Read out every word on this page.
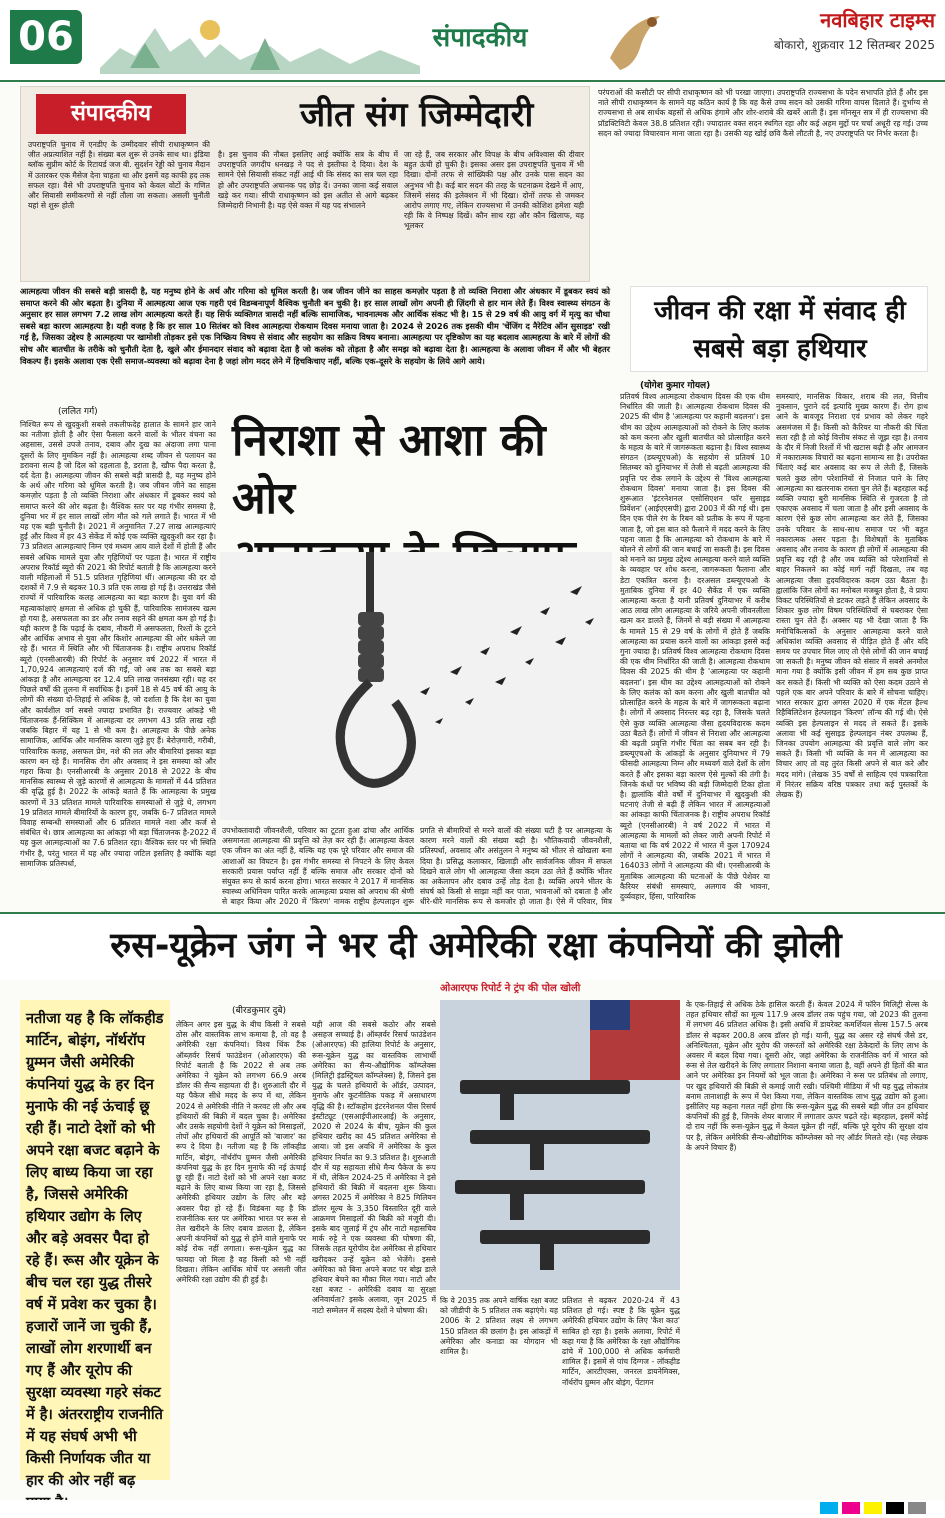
06	संपादकीय
नवबिहार टाइम्स
बोकारो, शुक्रवार 12 सितम्बर 2025
संपादकीय	जीत संग जिम्मेदारी
उपराष्ट्रपति चुनाव में एनडीए के उम्मीदवार सीपी राधाकृष्णन की जीत अप्रत्याशित नहीं है। संख्या बल शुरू से उनके साथ था। इंडिया ब्लॉक सुप्रीम कोर्ट के रिटायर्ड जज बी. सुदर्शन रेड्डी को चुनाव मैदान में उतारकर एक मैसेज देना चाहता था और इसमें वह काफी हद तक सफल रहा। वैसे भी उपराष्ट्रपति चुनाव को केवल वोटों के गणित और सियासी समीकरणों से नहीं तौला जा सकता। असली चुनौती यहां से शुरू होती
है। इस चुनाव की नौबत इसलिए आई क्योंकि सत्र के बीच में उपराष्ट्रपति जगदीप धनखड़ ने पद से इस्तीफा दे दिया। देश के सामने ऐसे सियासी संकट नहीं आई थी कि संसद का सत्र चल रहा हो और उपराष्ट्रपति अचानक पद छोड़ दें। उनका जाना कई सवाल खड़े कर गया। सीपी राधाकृष्णन को इस अतीत से आगे बढ़कर जिम्मेदारी निभानी है। यह ऐसे वक्त में यह पद संभालने
जा रहे हैं, जब सरकार और विपक्ष के बीच अविश्वास की दीवार बहुत ऊंची हो चुकी है। इसका असर इस उपराष्ट्रपति चुनाव में भी दिखा। दोनों तरफ से सांख्यिकी पक्ष और उनके पास सदन का अनुभव भी है। कई बार सदन की तरह के घटनाक्रम देखने में आए, जिसमें संसद की इलेक्शन में भी दिखा। दोनों तरफ से जमकर आरोप लगाए गए, लेकिन राज्यसभा में उनकी कोशिश हमेशा यही रही कि वे निष्पक्ष दिखें। कौन साथ रहा और कौन खिलाफ, यह भूलकर
परंपराओं की कसौटी पर सीपी राधाकृष्णन को भी परखा जाएगा। उपराष्ट्रपति राज्यसभा के पदेन सभापति होते हैं और इस नाते सीपी राधाकृष्णन के सामने यह कठिन कार्य है कि वह कैसे उच्च सदन को उसकी गरिमा वापस दिलाते हैं। दुर्भाग्य से राज्यसभा से अब सार्थक बहसों से अधिक हंगामे और शोर-शराबे की खबरें आती हैं। इस मॉनसून सत्र में ही राज्यसभा की प्रॉडक्टिविटी केवल 38.8 प्रतिशत रही। ज्यादातर वक्त सदन स्थगित रहा और कई अहम मुद्दों पर चर्चा अधूरी रह गई। उच्च सदन को ज्यादा विचारवान माना जाता रहा है। उसकी यह खोई छवि कैसे लौटती है, नए उपराष्ट्रपति पर निर्भर करता है।
आत्महत्या जीवन की सबसे बड़ी त्रासदी है, यह मनुष्य होने के अर्थ और गरिमा को धूमिल करती है। जब जीवन जीने का साहस कमज़ोर पड़ता है तो व्यक्ति निराशा और अंधकार में डूबकर स्वयं को समाप्त करने की ओर बढ़ता है। दुनिया में आत्महत्या आज एक गहरी एवं विडम्बनापूर्ण वैश्विक चुनौती बन चुकी है। हर साल लाखों लोग अपनी ही ज़िंदगी से हार मान लेते हैं। विश्व स्वास्थ्य संगठन के अनुसार हर साल लगभग 7.2 लाख लोग आत्महत्या करते हैं। यह सिर्फ व्यक्तिगत त्रासदी नहीं बल्कि सामाजिक, भावनात्मक और आर्थिक संकट भी है। 15 से 29 वर्ष की आयु वर्ग में मृत्यु का चौथा सबसे बड़ा कारण आत्महत्या है। यही वजह है कि हर साल 10 सितंबर को विश्व आत्महत्या रोकथाम दिवस मनाया जाता है। 2024 से 2026 तक इसकी थीम 'चेंजिंग द नैरेटिव ऑन सुसाइड' रखी गई है, जिसका उद्देश्य है आत्महत्या पर खामोशी तोड़कर इसे एक निष्क्रिय विषय से संवाद और सहयोग का सक्रिय विषय बनाना। आत्महत्या पर दृष्टिकोण का यह बदलाव आत्महत्या के बारे में लोगों की सोच और बातचीत के तरीके को चुनौती देता है, खुले और ईमानदार संवाद को बढ़ावा देता है जो कलंक को तोड़ता है और समझ को बढ़ावा देता है। आत्महत्या के अलावा जीवन में और भी बेहतर विकल्प हैं। इसके अलावा एक ऐसी समाज-व्यवस्था को बढ़ावा देना है जहां लोग मदद लेने में हिचकिचाए नहीं, बल्कि एक-दूसरे के सहयोग के लिये आगे आये।
(ललित गर्ग)
निराशा से आशा की ओर
निश्चित रूप से खुदकुशी सबसे तकलीफदेह हालात के सामने हार जाने का नतीजा होती है और ऐसा फैसला करने वालों के भीतर वंचना का अहसास, उससे उपजे तनाव, दबाव और दुख का अंदाजा लगा पाना दूसरों के लिए मुमकिन नहीं है। आत्महत्या शब्द जीवन से पलायन का डरावना सत्य है जो दिल को दहलाता है, डराता है, खौफ पैदा करता है, दर्द देता है। आत्महत्या जीवन की सबसे बड़ी त्रासदी है, यह मनुष्य होने के अर्थ और गरिमा को धूमिल करती है। जब जीवन जीने का साहस कमज़ोर पड़ता है तो व्यक्ति निराशा और अंधकार में डूबकर स्वयं को समाप्त करने की ओर बढ़ता है। वैश्विक स्तर पर यह गंभीर समस्या है, दुनिया भर में हर साल लाखों लोग मौत को गले लगाते हैं। भारत में भी यह एक बड़ी चुनौती है। 2021 में अनुमानित 7.27 लाख आत्महत्याएं हुईं और विश्व में हर 43 सेकेंड में कोई एक व्यक्ति खुदकुशी कर रहा है। 73 प्रतिशत आत्महत्याएं निम्न एवं मध्यम आय वाले देशों में होती हैं और सबसे अधिक मामले युवा और गृहिणियों पर पड़ता है। भारत में राष्ट्रीय अपराध रिकॉर्ड ब्यूरो की 2021 की रिपोर्ट बताती है कि आत्महत्या करने वाली महिलाओं में 51.5 प्रतिशत गृहिणियां थीं। आत्महत्या की दर दो दशकों में 7.9 से बढ़कर 10.3 प्रति एक लाख हो गई है। उत्तराखंड जैसे राज्यों में पारिवारिक कलह आत्महत्या का बड़ा कारण है। युवा वर्ग की महत्वाकांक्षाएं क्षमता से अधिक हो चुकी हैं, पारिवारिक सामंजस्य खत्म हो गया है, असफलता का डर और तनाव सहने की क्षमता कम हो गई है। यही कारण है कि पढ़ाई के दबाव, नौकरी में असफलता, रिश्तों के टूटने और आर्थिक अभाव से युवा और किशोर आत्महत्या की ओर धकेले जा रहे हैं। भारत में स्थिति और भी चिंताजनक है। राष्ट्रीय अपराध रिकॉर्ड ब्यूरो (एनसीआरबी) की रिपोर्ट के अनुसार वर्ष 2022 में भारत में 1,70,924 आत्महत्याएं दर्ज की गईं, जो अब तक का सबसे बड़ा आंकड़ा है और आत्महत्या दर 12.4 प्रति लाख जनसंख्या रही। यह दर पिछले वर्षों की तुलना में सर्वाधिक है। इनमें 18 से 45 वर्ष की आयु के लोगों की संख्या दो-तिहाई से अधिक है, जो दर्शाता है कि देश का युवा और कार्यशील वर्ग सबसे ज्यादा प्रभावित है। राज्यवार आंकड़े भी चिंताजनक हैं-सिक्किम में आत्महत्या दर लगभग 43 प्रति लाख रही जबकि बिहार में यह 1 से भी कम है। आत्महत्या के पीछे अनेक सामाजिक, आर्थिक और मानसिक कारण जुड़े हुए हैं। बेरोज़गारी, गरीबी, पारिवारिक कलह, असफल प्रेम, नशे की लत और बीमारियां इसका बड़ा कारण बन रहे हैं। मानसिक रोग और अवसाद ने इस समस्या को और गहरा किया है। एनसीआरबी के अनुसार 2018 से 2022 के बीच मानसिक स्वास्थ्य से जुड़े कारणों से आत्महत्या के मामलों में 44 प्रतिशत की वृद्धि हुई है। 2022 के आंकड़े बताते हैं कि आत्महत्या के प्रमुख कारणों में 33 प्रतिशत मामले पारिवारिक समस्याओं से जुड़े थे, लगभग 19 प्रतिशत मामले बीमारियों के कारण हुए, जबकि 6-7 प्रतिशत मामले विवाह सम्बन्धी समस्याओं और 6 प्रतिशत मामले नशा और कर्ज से संबंधित थे। छात्र आत्महत्या का आंकड़ा भी बड़ा चिंताजनक है-2022 में यह कुल आत्महत्याओं का 7.6 प्रतिशत रहा। वैश्विक स्तर पर भी स्थिति गंभीर है, परंतु भारत में यह और ज्यादा जटिल इसलिए है क्योंकि यहां सामाजिक प्रतिस्पर्धा,
उपभोक्तावादी जीवनशैली, परिवार का टूटता हुआ ढांचा और आर्थिक असमानता आत्महत्या की प्रवृत्ति को तेज़ कर रही हैं। आत्महत्या केवल एक जीवन का अंत नहीं है, बल्कि यह एक पूरे परिवार और समाज की आशाओं का विघटन है। इस गंभीर समस्या से निपटने के लिए केवल सरकारी प्रयास पर्याप्त नहीं हैं बल्कि समाज और सरकार दोनों को संयुक्त रूप से कार्य करना होगा। भारत सरकार ने 2017 में मानसिक स्वास्थ्य अधिनियम पारित करके आत्महत्या प्रयास को अपराध की श्रेणी से बाहर किया और 2020 में 'किरण' नामक राष्ट्रीय हेल्पलाइन शुरू
प्रगति से बीमारियों से मरने वालों की संख्या घटी है पर आत्महत्या के कारण मरने वालों की संख्या बढ़ी है। भौतिकवादी जीवनशैली, प्रतिस्पर्धा, अवसाद और असंतुलन ने मनुष्य को भीतर से खोखला बना दिया है। प्रसिद्ध कलाकार, खिलाड़ी और सार्वजनिक जीवन में सफल दिखने वाले लोग भी आत्महत्या जैसा कदम उठा लेते हैं क्योंकि भीतर का अकेलापन और दबाव उन्हें तोड़ देता है। व्यक्ति अपने भीतर के संघर्ष को किसी से साझा नहीं कर पाता, भावनाओं को दबाता है और धीरे-धीरे मानसिक रूप से कमजोर हो जाता है। ऐसे में परिवार, मित्र
जीवन की रक्षा में संवाद ही सबसे बड़ा हथियार
(योगेश कुमार गोयल)
प्रतिवर्ष विश्व आत्महत्या रोकथाम दिवस की एक थीम निर्धारित की जाती है। आत्महत्या रोकथाम दिवस की 2025 की थीम है 'आत्महत्या पर कहानी बदलना'। इस थीम का उद्देश्य आत्महत्याओं को रोकने के लिए कलंक को कम करना और खुली बातचीत को प्रोत्साहित करने के महत्व के बारे में जागरूकता बढ़ाना है। विश्व स्वास्थ्य संगठन (डब्ल्यूएचओ) के सहयोग से प्रतिवर्ष 10 सितम्बर को दुनियाभर में तेजी से बढ़ती आत्महत्या की प्रवृत्ति पर रोक लगाने के उद्देश्य से 'विश्व आत्महत्या रोकथाम दिवस' मनाया जाता है। इस दिवस की शुरूआत 'इंटरनेशनल एसोसिएशन फॉर सुसाइड प्रिवेंशन' (आईएएसपी) द्वारा 2003 में की गई थी। इस दिन एक पीले रंग के रिबन को प्रतीक के रूप में पहना जाता है, जो इस बात को फैलाने में मदद करने के लिए पहना जाता है कि आत्महत्या को रोकथाम के बारे में बोलने से लोगों की जान बचाई जा सकती है। इस दिवस को मनाने का प्रमुख उद्देश्य आत्महत्या करने वाले व्यक्ति के व्यवहार पर शोध करना, जागरूकता फैलाना और डेटा एकत्रित करना है। दरअसल डब्ल्यूएचओ के मुताबिक दुनिया में हर 40 सैकेंड में एक व्यक्ति आत्महत्या करता है यानी प्रतिवर्ष दुनियाभर में करीब आठ लाख लोग आत्महत्या के जरिये अपनी जीवनलीला खत्म कर डालते हैं, जिनमें से बड़ी संख्या में आत्महत्या के मामले 15 से 29 वर्ष के लोगों में होते हैं जबकि आत्महत्या का प्रयास करने वालों का आंकड़ा इससे कई गुना ज्यादा है। प्रतिवर्ष विश्व आत्महत्या रोकथाम दिवस की एक थीम निर्धारित की जाती है। आत्महत्या रोकथाम दिवस की 2025 की थीम है 'आत्महत्या पर कहानी बदलना'। इस थीम का उद्देश्य आत्महत्याओं को रोकने के लिए कलंक को कम करना और खुली बातचीत को प्रोत्साहित करने के महत्व के बारे में जागरूकता बढ़ाना है। लोगों में अवसाद निरन्तर बढ़ रहा है, जिसके चलते ऐसे कुछ व्यक्ति आत्महत्या जैसा हृदयविदारक कदम उठा बैठते हैं। लोगों में जीवन से निराशा और आत्महत्या की बढ़ती प्रवृत्ति गंभीर चिंता का सबब बन रही है। डब्ल्यूएचओ के आंकड़ों के अनुसार दुनियाभर में 79 फीसदी आत्महत्या निम्न और मध्यवर्ग वाले देशों के लोग करते हैं और इसका बड़ा कारण ऐसे मुल्कों की तंगी है। जिनके कंधों पर भविष्य की बड़ी जिम्मेदारी टिका होता है। ह्वालांकि बीते वर्षों में दुनियाभर में खुदकुशी की घटनाएं तेजी से बढ़ी हैं लेकिन भारत में आत्महत्याओं का आंकड़ा काफी चिंताजनक है। राष्ट्रीय अपराध रिकॉर्ड ब्यूरो (एनसीआरबी) ने वर्ष 2022 में भारत में आत्महत्या के मामलों को लेकर जारी अपनी रिपोर्ट में बताया था कि वर्ष 2022 में भारत में कुल 170924 लोगों ने आत्महत्या की, जबकि 2021 में भारत में 164033 लोगों ने आत्महत्या की थी। एनसीआरबी के मुताबिक आत्महत्या की घटनाओं के पीछे पेशेवर या कैरियर संबंधी समस्याएं, अलगाव की भावना, दुर्व्यवहार, हिंसा, पारिवारिक
समस्याएं, मानसिक विकार, शराब की लत, वित्तीय नुकसान, पुराने दर्द इत्यादि मुख्य कारण हैं। रोग हाथ आने के बावजूद निराशा एवं प्रभाव को लेकर गहरे असमंजस में हैं। किसी को कैरियर या नौकरी की चिंता सता रही है तो कोई वित्तीय संकट से जूझ रहा है। तनाव के दौर में निजी रिश्तों में भी खटास बढ़ी है और आमजन में नकारात्मक विचारों का बढ़ना सामान्य सा है। उपरोक्त चिंताएं कई बार अवसाद का रूप ले लेती हैं, जिसके चलते कुछ लोग परेशानियों से निजात पाने के लिए आत्महत्या का खतरनाक रास्ता चुन लेते हैं। बहरहाल कई व्यक्ति ज्यादा बुरी मानसिक स्थिति से गुजरता है तो एकाएक अवसाद में चला जाता है और इसी अवसाद के कारण ऐसे कुछ लोग आत्महत्या कर लेते हैं, जिसका उनके परिवार के साथ-साथ समाज पर भी बहुत नकारात्मक असर पड़ता है। विशेषज्ञों के मुताबिक अवसाद और तनाव के कारण ही लोगों में आत्महत्या की प्रवृत्ति बढ़ रही है और जब व्यक्ति को परेशानियों से बाहर निकलने का कोई मार्ग नहीं दिखता, तब वह आत्महत्या जैसा हृदयविदारक कदम उठा बैठता है। ह्वालांकि जिन लोगों का मनोबल मजबूत होता है, वे प्रायः विकट परिस्थितियों से डटकर लड़ते हैं लेकिन अवसाद के शिकार कुछ लोग विषम परिस्थितियों से घबराकर ऐसा रास्ता चुन लेते हैं। अक्सर यह भी देखा जाता है कि मनोचिकित्सकों के अनुसार आत्महत्या करने वाले अधिकांश व्यक्ति अवसाद से पीड़ित होते हैं और यदि समय पर उपचार मिल जाए तो ऐसे लोगों की जान बचाई जा सकती है। मनुष्य जीवन को संसार में सबसे अनमोल माना गया है क्योंकि इसी जीवन में हम सब कुछ प्राप्त कर सकते हैं। किसी भी व्यक्ति को ऐसा कदम उठाने से पहले एक बार अपने परिवार के बारे में सोचना चाहिए। भारत सरकार द्वारा अगस्त 2020 में एक मेंटल हैल्थ रिहैबिलिटेशन हेल्पलाइन 'किरण' लॉन्च की गई थी। ऐसे व्यक्ति इस हेल्पलाइन से मदद ले सकते हैं। इसके अलावा भी कई सुसाइड हेल्पलाइन नंबर उपलब्ध हैं, जिनका उपयोग आत्महत्या की प्रवृत्ति वाले लोग कर सकते हैं। किसी भी व्यक्ति के मन में आत्महत्या का विचार आए तो वह तुरंत किसी अपने से बात करे और मदद मांगे। (लेखक 35 वर्षों से साहित्य एवं पत्रकारिता में निरंतर सक्रिय वरिष्ठ पत्रकार तथा कई पुस्तकों के लेखक हैं)
रुस-यूक्रेन जंग ने भर दी अमेरिकी रक्षा कंपनियों की झोली
ओआरएफ रिपोर्ट ने ट्रंप की पोल खोली
नतीजा यह है कि लॉकहीड मार्टिन, बोइंग, नॉर्थरॉप ग्रुम्मन जैसी अमेरिकी कंपनियां युद्ध के हर दिन मुनाफे की नई ऊंचाई छू रही हैं। नाटो देशों को भी अपने रक्षा बजट बढ़ाने के लिए बाध्य किया जा रहा है, जिससे अमेरिकी हथियार उद्योग के लिए और बड़े अवसर पैदा हो रहे हैं। रूस और यूक्रेन के बीच चल रहा युद्ध तीसरे वर्ष में प्रवेश कर चुका है। हजारों जानें जा चुकी हैं, लाखों लोग शरणार्थी बन गए हैं और यूरोप की सुरक्षा व्यवस्था गहरे संकट में है। अंतरराष्ट्रीय राजनीति में यह संघर्ष अभी भी किसी निर्णायक जीत या हार की ओर नहीं बढ़
(बीरडकुमार दुबे)
लेकिन अगर इस युद्ध के बीच किसी ने सबसे ठोस और वास्तविक लाभ कमाया है, तो वह है अमेरिकी रक्षा कंपनियां। विश्व थिंक टैंक ऑब्ज़र्वर रिसर्च फाउंडेशन (ओआरएफ) की रिपोर्ट बताती है कि 2022 से अब तक अमेरिका ने यूक्रेन को लगभग 66.9 अरब डॉलर की सैन्य सहायता दी है। शुरुआती दौर में यह पैकेज सीधे मदद के रूप में था, लेकिन 2024 से अमेरिकी नीति ने करवट ली और अब हथियारों की बिक्री में बदल चुका है। अमेरिका और उसके सहयोगी देशों ने यूक्रेन को मिसाइलों, तोपों और हथियारों की आपूर्ति को 'बाजार' का रूप दे दिया है। नतीजा यह है कि लॉकहीड मार्टिन, बोइंग, नॉर्थरॉप ग्रुम्मन जैसी अमेरिकी कंपनियां युद्ध के हर दिन मुनाफे की नई ऊंचाई छू रही हैं। नाटो देशों को भी अपने रक्षा बजट बढ़ाने के लिए बाध्य किया जा रहा है, जिससे अमेरिकी हथियार उद्योग के लिए और बड़े अवसर पैदा हो रहे हैं। विडंबना यह है कि राजनीतिक स्तर पर अमेरिका भारत पर रूस से तेल खरीदने के लिए दबाव डालता है, लेकिन अपनी कंपनियों को युद्ध से होने वाले मुनाफे पर कोई रोक नहीं लगाता। रूस-यूक्रेन युद्ध का फायदा जो मिला है वह किसी को भी नहीं दिखता। लेकिन आर्थिक मोर्चे पर असली जीत अमेरिकी रक्षा उद्योग की ही हुई है।
यही आज की सबसे कठोर और सबसे असहज सच्चाई है। ऑब्ज़र्वर रिसर्च फाउंडेशन (ओआरएफ) की हालिया रिपोर्ट के अनुसार, रूस-यूक्रेन युद्ध का वास्तविक लाभार्थी अमेरिका का सैन्य-औद्योगिक कॉम्प्लेक्स (मिलिट्री इंडस्ट्रियल कॉम्प्लेक्स) है, जिसने इस युद्ध के चलते हथियारों के ऑर्डर, उत्पादन, मुनाफे और कूटनीतिक पकड़ में असाधारण वृद्धि की है। स्टॉकहोम इंटरनेशनल पीस रिसर्च इंस्टीट्यूट (एसआईपीआरआई) के अनुसार, 2020 से 2024 के बीच, यूक्रेन की कुल हथियार खरीद का 45 प्रतिशत अमेरिका से आया। जो इस अवधि में अमेरिका के कुल हथियार निर्यात का 9.3 प्रतिशत है। शुरुआती दौर में यह सहायता सीधे मैन्य पैकेज के रूप में थी, लेकिन 2024-25 में अमेरिका ने इसे हथियारों की बिक्री में बदलना शुरू किया। अगस्त 2025 में अमेरिका ने 825 मिलियन डॉलर मूल्य के 3,350 विस्तारित दूरी वाले आक्रमण मिसाइलों की बिक्री को मंजूरी दी। इसके बाद जुलाई में ट्रंप और नाटो महासचिव मार्क रुट्टे ने एक व्यवस्था की घोषणा की, जिसके तहत यूरोपीय देश अमेरिका से हथियार खरीदकर उन्हें यूक्रेन को भेजेंगे। इससे अमेरिका को बिना अपने बजट पर बोझ डाले हथियार बेचने का मौका मिल गया। नाटो और रक्षा बजट - अमेरिकी दबाव या सुरक्षा अनिवार्यता? इसके अलावा, जून 2025 में नाटो सम्मेलन में सदस्य देशों ने घोषणा की।
कि वे 2035 तक अपने वार्षिक रक्षा बजट को जीडीपी के 5 प्रतिशत तक बढ़ाएंगे। यह 2006 के 2 प्रतिशत लक्ष्य से लगभग 150 प्रतिशत की छलांग है। इस आंकड़ों में अमेरिका और कनाडा का योगदान भी शामिल है।
प्रतिशत से बढ़कर 2020-24 में 43 प्रतिशत हो गई। स्पष्ट है कि यूक्रेन युद्ध अमेरिकी हथियार उद्योग के लिए 'कैश काउ' साबित हो रहा है। इसके अलावा, रिपोर्ट में कहा गया है कि अमेरिका के रक्षा औद्योगिक ढांचे में 100,000 से अधिक कर्मचारी शामिल हैं। इसमें से पांच दिग्गज - लॉकहीड मार्टिन, आरटीएक्स, जनरल डायनेमिक्स, नॉर्थरॉप ग्रुम्मन और बोइंग, पेंटागन
के एक-तिहाई से अधिक ठेके हासिल करती हैं। केवल 2024 में फॉरेन मिलिट्री सेल्स के तहत हथियार सौदों का मूल्य 117.9 अरब डॉलर तक पहुंच गया, जो 2023 की तुलना में लगभग 46 प्रतिशत अधिक है। इसी अवधि में डायरेक्ट कमर्शियल सेल्स 157.5 अरब डॉलर से बढ़कर 200.8 अरब डॉलर हो गई। यानी, युद्ध का असर रहे संघर्ष जैसे डर, अनिश्चितता, यूक्रेन और यूरोप की जरूरतों को अमेरिकी रक्षा ठेकेदारों के लिए लाभ के अवसर में बदल दिया गया। दूसरी ओर, जहां अमेरिका के राजनीतिक वर्ग में भारत को रूस से तेल खरीदने के लिए लगातार निशाना बनाया जाता है, वहीं अपने ही हितों की बात आने पर अमेरिका इन नियमों को भूल जाता है। अमेरिका ने रूस पर प्रतिबंध तो लगाए, पर खुद हथियारों की बिक्री से कमाई जारी रखी। पश्चिमी मीडिया में भी यह युद्ध लोकतंत्र बनाम तानाशाही के रूप में पेश किया गया, लेकिन वास्तविक लाभ युद्ध उद्योग को हुआ। इसीलिए यह कहना गलत नहीं होगा कि रूस-यूक्रेन युद्ध की सबसे बड़ी जीत उन हथियार कंपनियों की हुई है, जिनके शेयर बाजार में लगातार ऊपर चढ़ते रहे। बहरहाल, इसमें कोई दो राय नहीं कि रूस-यूक्रेन युद्ध में केवल यूक्रेन ही नहीं, बल्कि पूरे यूरोप की सुरक्षा दांव पर है, लेकिन अमेरिकी सैन्य-औद्योगिक कॉम्प्लेक्स को नए ऑर्डर मिलते रहे। (यह लेखक के अपने विचार हैं)
